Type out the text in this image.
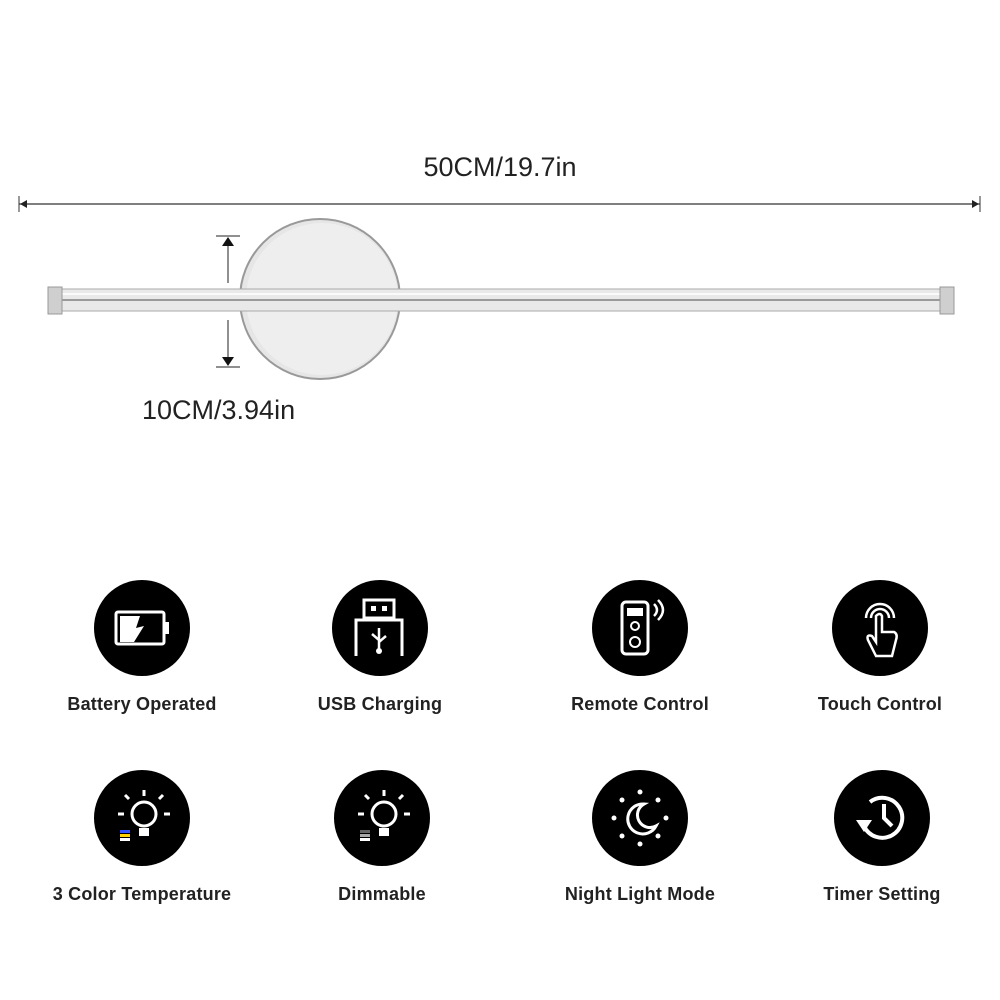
50CM/19.7in
10CM/3.94in
Battery Operated	USB Charging	Remote Control	Touch Control
3 Color Temperature	Dimmable	Night Light Mode	Timer Setting
